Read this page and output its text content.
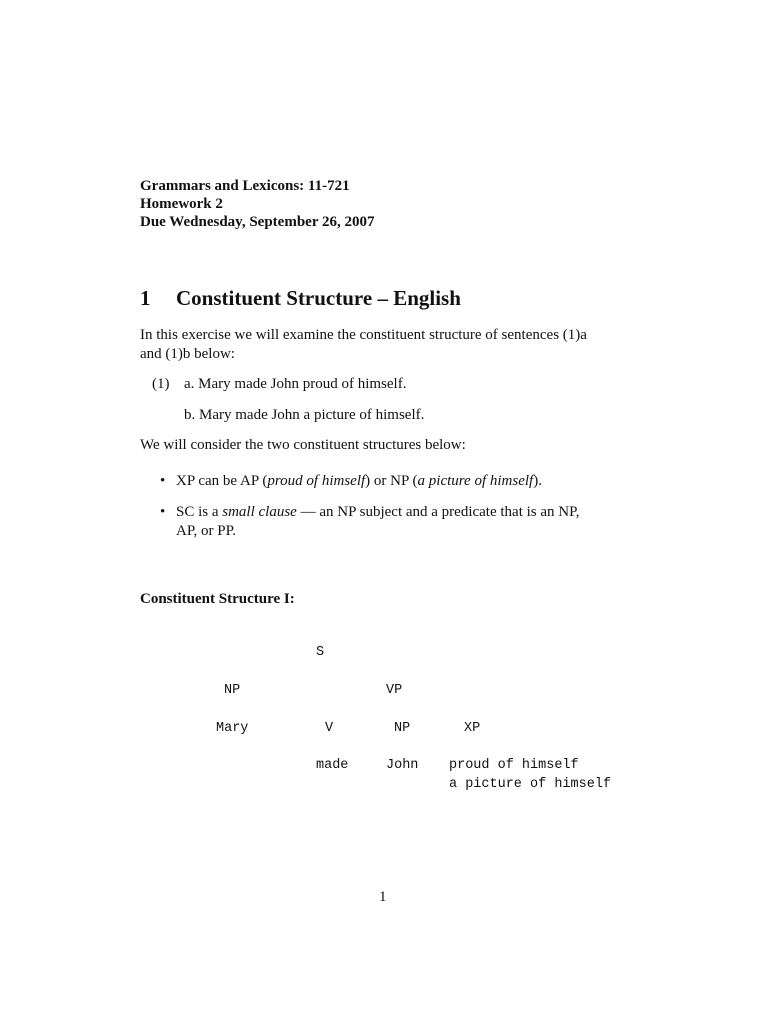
Grammars and Lexicons: 11-721
Homework 2
Due Wednesday, September 26, 2007
1 Constituent Structure – English
In this exercise we will examine the constituent structure of sentences (1)a
and (1)b below:
(1) a. Mary made John proud of himself.
b. Mary made John a picture of himself.
We will consider the two constituent structures below:
• XP can be AP (proud of himself) or NP (a picture of himself).
• SC is a small clause — an NP subject and a predicate that is an NP,
AP, or PP.
Constituent Structure I:
S
NP	VP
Mary	V	NP	XP
made	John proud of himself
a picture of himself
1
